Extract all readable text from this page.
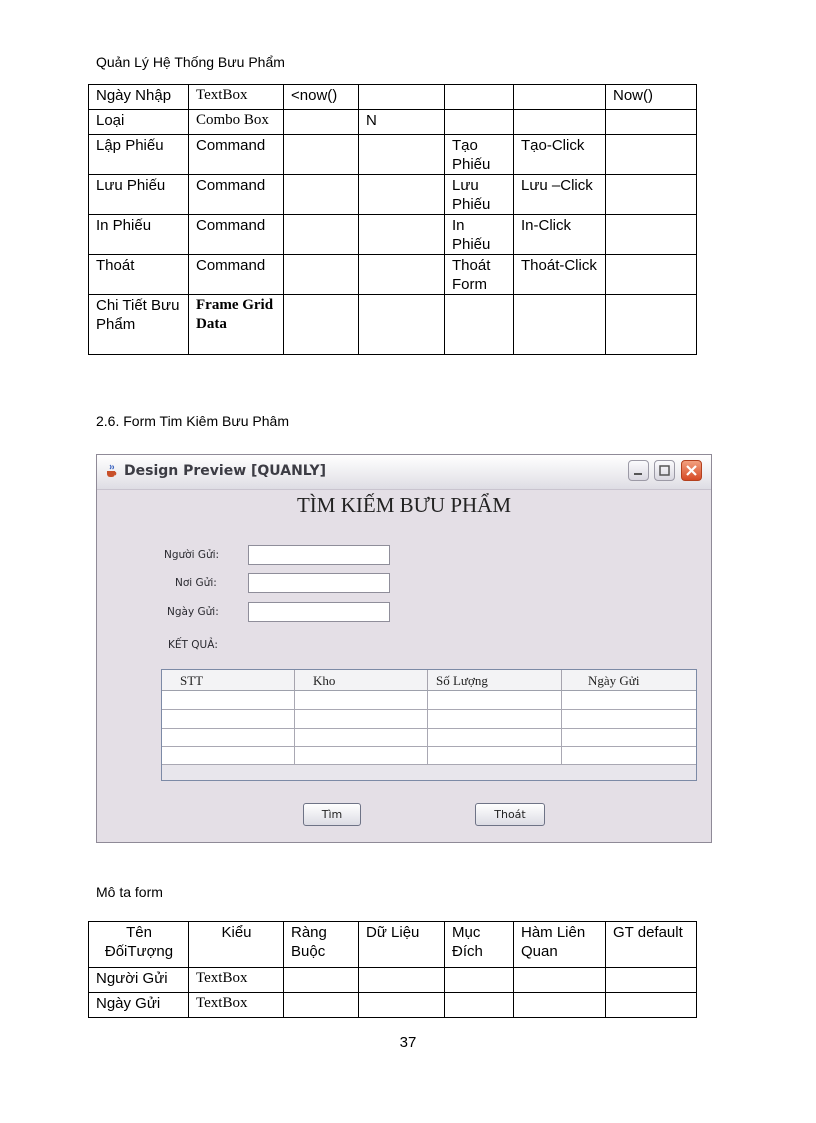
Quản Lý Hệ Thống Bưu Phẩm
Ngày Nhập	TextBox	<now()				Now()
Loại	Combo Box		N			
Lập Phiếu	Command			Tạo Phiếu	Tạo-Click	
Lưu Phiếu	Command			Lưu Phiếu	Lưu –Click	
In Phiếu	Command			In Phiếu	In-Click	
Thoát	Command			Thoát Form	Thoát-Click	
Chi Tiết Bưu Phẩm	Frame Grid Data					
2.6. Form Tim Kiêm Bưu Phâm
Design Preview [QUANLY]
TÌM KIẾM BƯU PHẨM
Người Gửi:
Nơi Gửi:
Ngày Gửi:
KẾT QUẢ:
STT	Kho	Số Lượng	Ngày Gửi
Tìm	Thoát
Mô ta form
Tên ĐốiTượng	Kiểu	Ràng Buộc	Dữ Liệu	Mục Đích	Hàm Liên Quan	GT default
Người Gửi	TextBox					
Ngày Gửi	TextBox					
37
